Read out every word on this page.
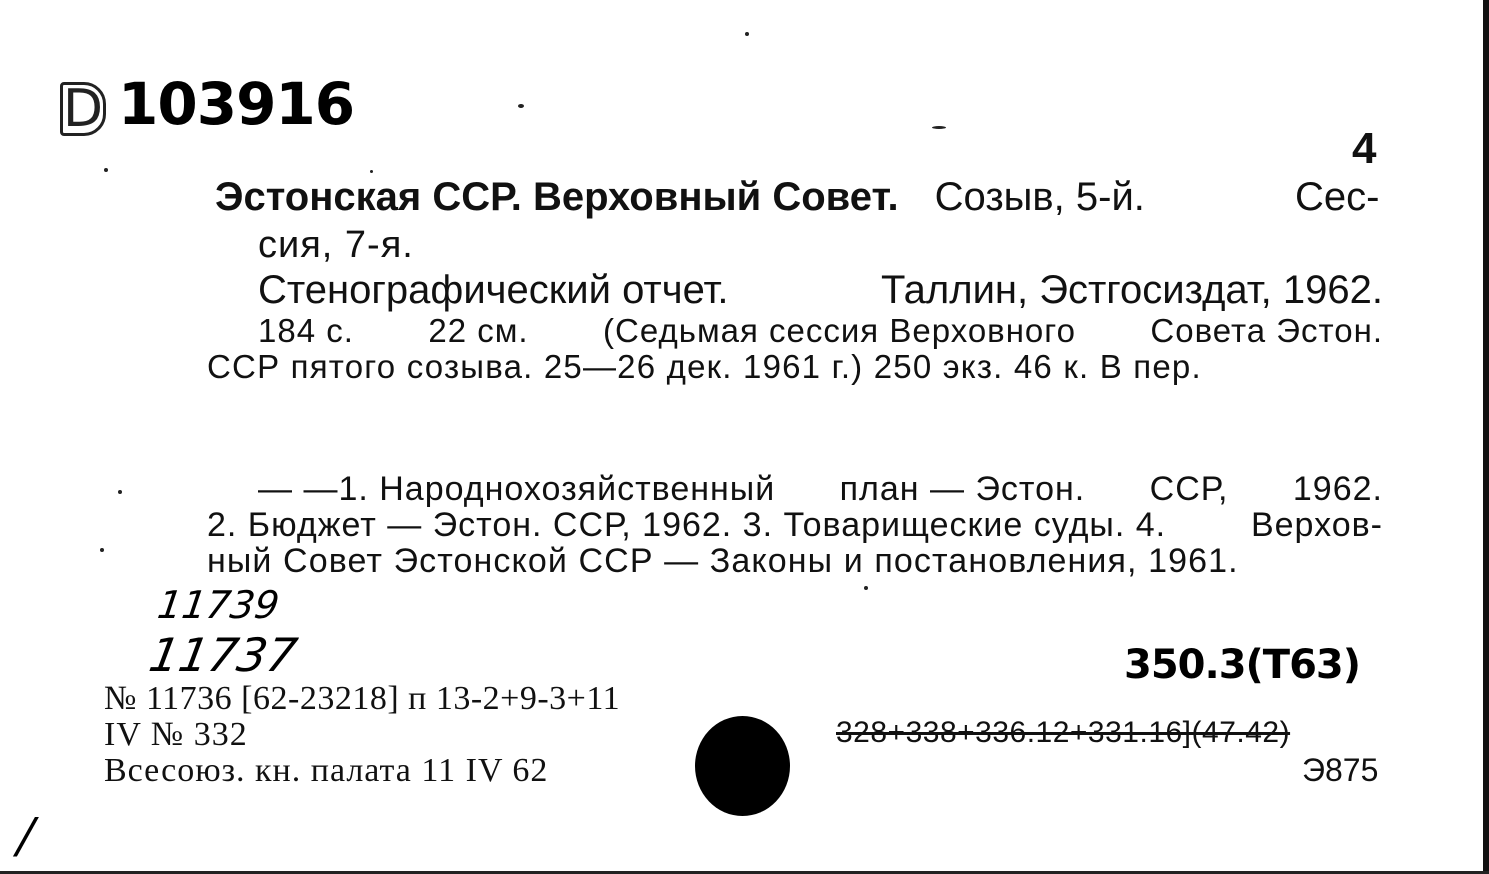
D 103916
4
Эстонская ССР. Верховный Совет. Созыв, 5-й.	Сес-
сия, 7-я.
Стенографический отчет.	Таллин, Эстгосиздат, 1962.
184 с. 22 см. (Седьмая сессия Верховного Совета Эстон.
ССР пятого созыва. 25—26 дек. 1961 г.) 250 экз. 46 к. В пер.
— —1. Народнохозяйственный план — Эстон. ССР, 1962.
2. Бюджет — Эстон. ССР, 1962. 3. Товарищеские суды. 4. Верхов-
ный Совет Эстонской ССР — Законы и постановления, 1961.
11739
11737	350.3(Т63)
/
№ 11736 [62-23218] п 13-2+9-3+11
IV № 332
Всесоюз. кн. палата 11 IV 62
328+338+336.12+331.16](47.42)
Э875
